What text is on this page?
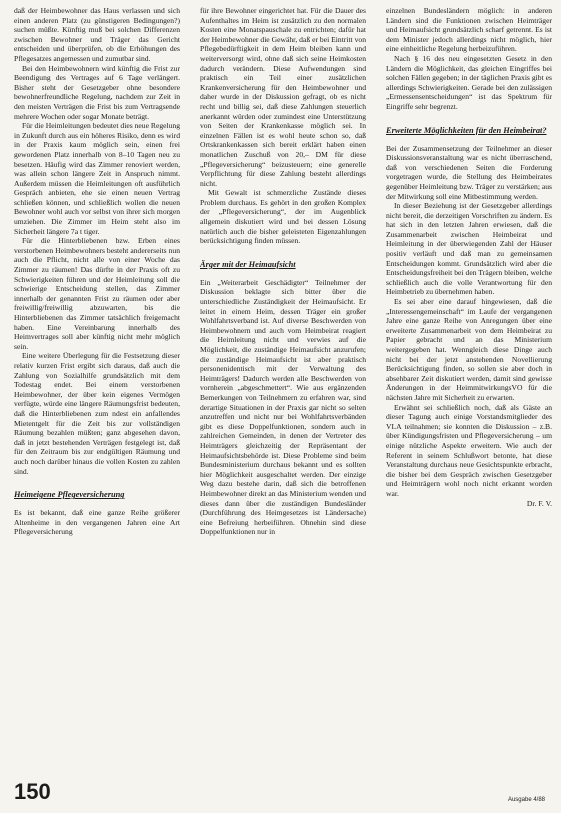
daß der Heimbewohner das Haus verlassen und sich einen anderen Platz (zu günstigeren Bedingungen?) suchen müßte. Künftig muß bei solchen Differenzen zwischen Bewohner und Träger das Gericht entscheiden und überprüfen, ob die Erhöhungen des Pflegesatzes angemessen und zumutbar sind.

Bei den Heimbewohnern wird künftig die Frist zur Beendigung des Vertrages auf 6 Tage verlängert. Bisher steht der Gesetzgeber ohne besondere bewohnerfreundliche Regelung, nachdem zur Zeit in den meisten Verträgen die Frist bis zum Vertragsende mehrere Wochen oder sogar Monate beträgt.

Für die Heimleitungen bedeutet dies neue Regelung in Zukunft durch aus ein höheres Risiko, denn es wird in der Praxis kaum möglich sein, einen frei gewordenen Platz innerhalb von 8–10 Tagen neu zu besetzen. Häufig wird das Zimmer renoviert werden, was allein schon längere Zeit in Anspruch nimmt. Außerdem müssen die Heimleitungen oft ausführlich Gespräch anbieten, ehe sie einen neuen Vertrag schließen können, und schließlich wollen die neuen Bewohner wohl auch vor selbst von ihrer sich morgen umziehen. Die Zimmer im Heim steht also im Sicherheit längere 7a t tiger.

Für die Hinterbliebenen bzw. Erben eines verstorbenen Heimbewohners besteht andererseits nun auch die Pflicht, nicht alle von einer Woche das Zimmer zu räumen! Das dürfte in der Praxis oft zu Schwierigkeiten führen und der Heimleitung soll die schwierige Entscheidung stellen, das Zimmer innerhalb der genannten Frist zu räumen oder aber freiwillig/freiwillig abzuwarten, bis die Hinterbliebenen das Zimmer tatsächlich freigemacht haben. Eine Vereinbarung innerhalb des Heimvertrages soll aber künftig nicht mehr möglich sein.

Eine weitere Überlegung für die Festsetzung dieser relativ kurzen Frist ergibt sich daraus, daß auch die Zahlung von Sozialhilfe grundsätzlich mit dem Todestag endet. Bei einem verstorbenen Heimbewohner, der über kein eigenes Vermögen verfügte, würde eine längere Räumungsfrist bedeuten, daß die Hinterbliebenen zum ndest ein anfallendes Mietentgelt für die Zeit bis zur vollständigen Räumung bezahlen müßten; ganz abgesehen davon, daß in jetzt bestehenden Verträgen festgelegt ist, daß für den Zeitraum bis zur endgültigen Räumung und auch noch darüber hinaus die vollen Kosten zu zahlen sind.

Heimeigene Pflegeversicherung

Es ist bekannt, daß eine ganze Reihe größerer Altenheime in den vergangenen Jahren eine Art Pflegeversicherung

für ihre Bewohner eingerichtet hat. Für die Dauer des Aufenthaltes im Heim ist zusätzlich zu den normalen Kosten eine Monatspauschale zu entrichten; dafür hat der Heimbewohner die Gewähr, daß er bei Eintritt von Pflegebedürftigkeit in dem Heim bleiben kann und weiterversorgt wird, ohne daß sich seine Heimkosten dadurch verändern. Diese Aufwendungen sind praktisch ein Teil einer zusätzlichen Krankenversicherung für den Heimbewohner und daher wurde in der Diskussion gefragt, ob es nicht recht und billig sei, daß diese Zahlungen steuerlich anerkannt würden oder zumindest eine Unterstützung von Seiten der Krankenkasse möglich sei. In einzelnen Fällen ist es wohl heute schon so, daß Ortskrankenkassen sich bereit erklärt haben einen monatlichen Zuschuß von 20,– DM für diese „Pflegeversicherung“ beizusteuern; eine generelle Verpflichtung für diese Zahlung besteht allerdings nicht.

Mit Gewalt ist schmerzliche Zustände dieses Problem durchaus. Es gehört in den großen Komplex der „Pflegeversicherung“, der im Augenblick allgemein diskutiert wird und bei dessen Lösung natürlich auch die bisher geleisteten Eigenzahlungen berücksichtigung finden müssen.

Ärger mit der Heimaufsicht

Ein „Weiterarbeit Geschädigter“ Teilnehmer der Diskussion beklagte sich bitter über die unterschiedliche Zuständigkeit der Heimaufsicht. Er leitet in einem Heim, dessen Träger ein großer Wohlfahrtsverband ist. Auf diverse Beschwerden von Heimbewohnern und auch vom Heimbeirat reagiert die Heimleitung nicht und verwies auf die Möglichkeit, die zuständige Heimaufsicht anzurufen; die zuständige Heimaufsicht ist aber praktisch personenidentisch mit der Verwaltung des Heimträgers! Dadurch werden alle Beschwerden von vornherein „abgeschmettert“. Wie aus ergänzenden Bemerkungen von Teilnehmern zu erfahren war, sind derartige Situationen in der Praxis gar nicht so selten anzutreffen und nicht nur bei Wohlfahrtsverbänden gibt es diese Doppelfunktionen, sondern auch in zahlreichen Gemeinden, in denen der Vertreter des Heimträgers gleichzeitig der Repräsentant der Heimaufsichtsbehörde ist. Diese Probleme sind beim Bundesministerium durchaus bekannt und es sollten hier Möglichkeit ausgeschaltet werden. Der einzige Weg dazu bestehe darin, daß sich die betroffenen Heimbewohner direkt an das Ministerium wenden und dieses dann über die zuständigen Bundesländer (Durchführung des Heimgesetzes ist Ländersache) eine Befreiung herbeiführen. Ohnehin sind diese Doppelfunktionen nur in

einzelnen Bundesländern möglich: in anderen Ländern sind die Funktionen zwischen Heimträger und Heimaufsicht grundsätzlich scharf getrennt. Es ist dem Minister jedoch allerdings nicht möglich, hier eine einheitliche Regelung herbeizuführen.

Nach § 16 des neu eingesetzten Gesetz in den Ländern die Möglichkeit, das gleichen Eingriffes bei solchen Fällen gegeben; in der täglichen Praxis gibt es allerdings Schwierigkeiten. Gerade bei den zulässigen „Ermessensentscheidungen“ ist das Spektrum für Eingriffe sehr begrenzt.

Erweiterte Möglichkeiten für den Heimbeirat?

Bei der Zusammensetzung der Teilnehmer an dieser Diskussionsveranstaltung war es nicht überraschend, daß von verschiedenen Seiten die Forderung vorgetragen wurde, die Stellung des Heimbeirates gegenüber Heimleitung bzw. Träger zu verstärken; aus der Mitwirkung soll eine Mitbestimmung werden.

In dieser Beziehung ist der Gesetzgeber allerdings nicht bereit, die derzeitigen Vorschriften zu ändern. Es hat sich in den letzten Jahren erwiesen, daß die Zusammenarbeit zwischen Heimbeirat und Heimleitung in der überwiegenden Zahl der Häuser positiv verläuft und daß man zu gemeinsamen Entscheidungen kommt. Grundsätzlich wird aber die Entscheidungsfreiheit bei den Trägern bleiben, welche schließlich auch die volle Verantwortung für den Heimbetrieb zu übernehmen haben.

Es sei aber eine darauf hingewiesen, daß die „Interessengemeinschaft“ im Laufe der vergangenen Jahre eine ganze Reihe von Anregungen über eine erweiterte Zusammenarbeit von dem Heimbeirat zu Papier gebracht und an das Ministerium weitergegeben hat. Wenngleich diese Dinge auch nicht bei der jetzt anstehenden Novellierung Berücksichtigung finden, so sollen sie aber doch in absehbarer Zeit diskutiert werden, damit sind gewisse Änderungen in der HeimmitwirkungsVO für die nächsten Jahre mit Sicherheit zu erwarten.

Erwähnt sei schließlich noch, daß als Gäste an dieser Tagung auch einige Vorstandsmitglieder des VLA teilnahmen; sie konnten die Diskussion – z.B. über Kündigungsfristen und Pflegeversicherung – um einige nützliche Aspekte erweitern. Wie auch der Referent in seinem Schlußwort betonte, hat diese Veranstaltung durchaus neue Gesichtspunkte erbracht, die bisher bei dem Gespräch zwischen Gesetzgeber und Heimträgern wohl noch nicht erkannt worden war.

Dr. F. V.

150	Ausgabe 4/88
